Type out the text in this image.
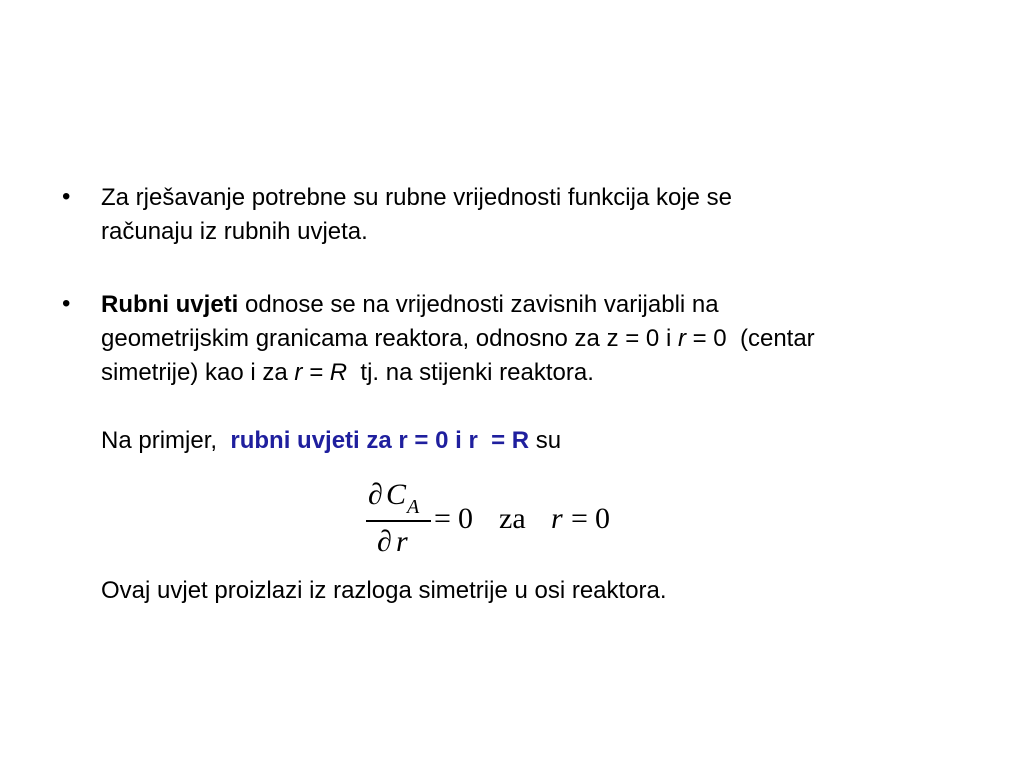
• Za rješavanje potrebne su rubne vrijednosti funkcija koje se
računaju iz rubnih uvjeta.
• Rubni uvjeti odnose se na vrijednosti zavisnih varijabli na
geometrijskim granicama reaktora, odnosno za z = 0 i r = 0  (centar
simetrije) kao i za r = R  tj. na stijenki reaktora.
Na primjer,  rubni uvjeti za r = 0 i r  = R su
∂ C A
∂ r
= 0 za r = 0
Ovaj uvjet proizlazi iz razloga simetrije u osi reaktora.
